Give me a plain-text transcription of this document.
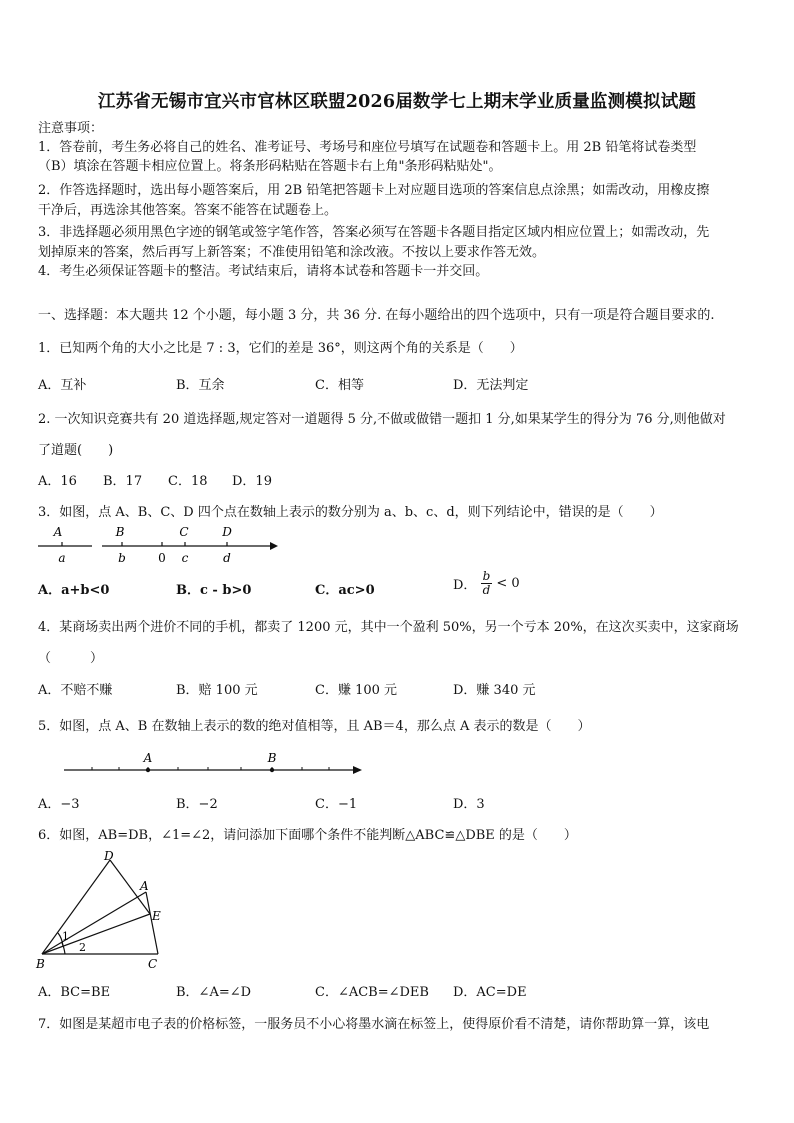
江苏省无锡市宜兴市官林区联盟2026届数学七上期末学业质量监测模拟试题
注意事项：
1．答卷前，考生务必将自己的姓名、准考证号、考场号和座位号填写在试题卷和答题卡上。用 2B 铅笔将试卷类型
（B）填涂在答题卡相应位置上。将条形码粘贴在答题卡右上角"条形码粘贴处"。
2．作答选择题时，选出每小题答案后，用 2B 铅笔把答题卡上对应题目选项的答案信息点涂黑；如需改动，用橡皮擦
干净后，再选涂其他答案。答案不能答在试题卷上。
3．非选择题必须用黑色字迹的钢笔或签字笔作答，答案必须写在答题卡各题目指定区域内相应位置上；如需改动，先
划掉原来的答案，然后再写上新答案；不准使用铅笔和涂改液。不按以上要求作答无效。
4．考生必须保证答题卡的整洁。考试结束后，请将本试卷和答题卡一并交回。
一、选择题：本大题共 12 个小题，每小题 3 分，共 36 分. 在每小题给出的四个选项中，只有一项是符合题目要求的.
1．已知两个角的大小之比是 7 : 3，它们的差是 36°，则这两个角的关系是（　　）
A．互补	B．互余	C．相等	D．无法判定
2. 一次知识竞赛共有 20 道选择题,规定答对一道题得 5 分,不做或做错一题扣 1 分,如果某学生的得分为 76 分,则他做对
了道题(　　)
A．16 B．17 C．18 D．19
3．如图，点 A、B、C、D 四个点在数轴上表示的数分别为 a、b、c、d，则下列结论中，错误的是（　　）
A	B	C	D
a	b	0 c	d
A．a+b<0	B．c - b>0	C．ac>0	D． $\frac{b}{d} < 0$
4．某商场卖出两个进价不同的手机，都卖了 1200 元，其中一个盈利 50%，另一个亏本 20%，在这次买卖中，这家商场
（　　　）
A．不赔不赚	B．赔 100 元	C．赚 100 元	D．赚 340 元
5．如图，点 A、B 在数轴上表示的数的绝对值相等，且 AB＝4，那么点 A 表示的数是（　　）
A	B
A．−3	B．−2	C．−1	D．3
6．如图，AB=DB，∠1=∠2，请问添加下面哪个条件不能判断△ABC≌△DBE 的是（　　）
D
A
E
B	C
1
2
A．BC=BE	B．∠A=∠D	C．∠ACB=∠DEB D．AC=DE
7．如图是某超市电子表的价格标签，一服务员不小心将墨水滴在标签上，使得原价看不清楚，请你帮助算一算，该电
